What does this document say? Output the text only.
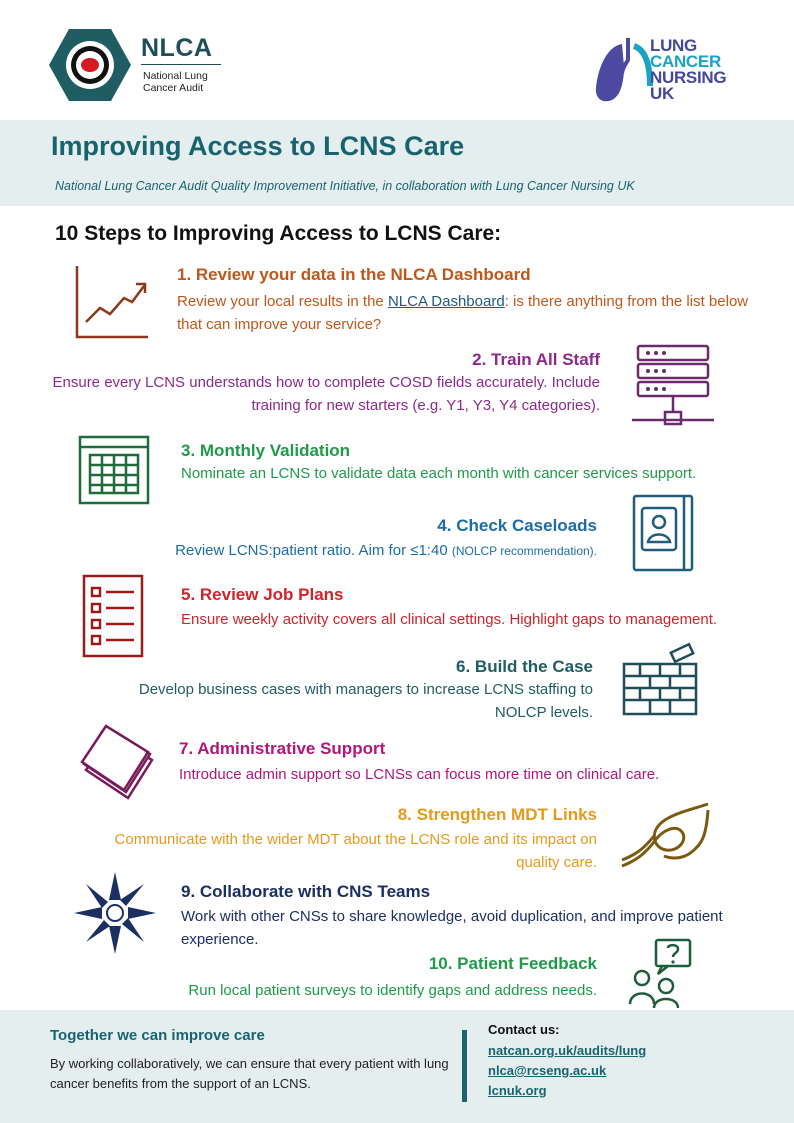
NLCA
National Lung Cancer Audit
LUNG
CANCER
NURSING
UK
Improving Access to LCNS Care
National Lung Cancer Audit Quality Improvement Initiative, in collaboration with Lung Cancer Nursing UK
10 Steps to Improving Access to LCNS Care:
1. Review your data in the NLCA Dashboard
Review your local results in the NLCA Dashboard: is there anything from the list below that can improve your service?
2. Train All Staff
Ensure every LCNS understands how to complete COSD fields accurately. Include training for new starters (e.g. Y1, Y3, Y4 categories).
3. Monthly Validation
Nominate an LCNS to validate data each month with cancer services support.
4. Check Caseloads
Review LCNS:patient ratio. Aim for ≤1:40 (NOLCP recommendation).
5. Review Job Plans
Ensure weekly activity covers all clinical settings. Highlight gaps to management.
6. Build the Case
Develop business cases with managers to increase LCNS staffing to NOLCP levels.
7. Administrative Support
Introduce admin support so LCNSs can focus more time on clinical care.
8. Strengthen MDT Links
Communicate with the wider MDT about the LCNS role and its impact on quality care.
9. Collaborate with CNS Teams
Work with other CNSs to share knowledge, avoid duplication, and improve patient experience.
10. Patient Feedback
Run local patient surveys to identify gaps and address needs.
Together we can improve care
By working collaboratively, we can ensure that every patient with lung cancer benefits from the support of an LCNS.
Contact us:
natcan.org.uk/audits/lung
nlca@rcseng.ac.uk
lcnuk.org
